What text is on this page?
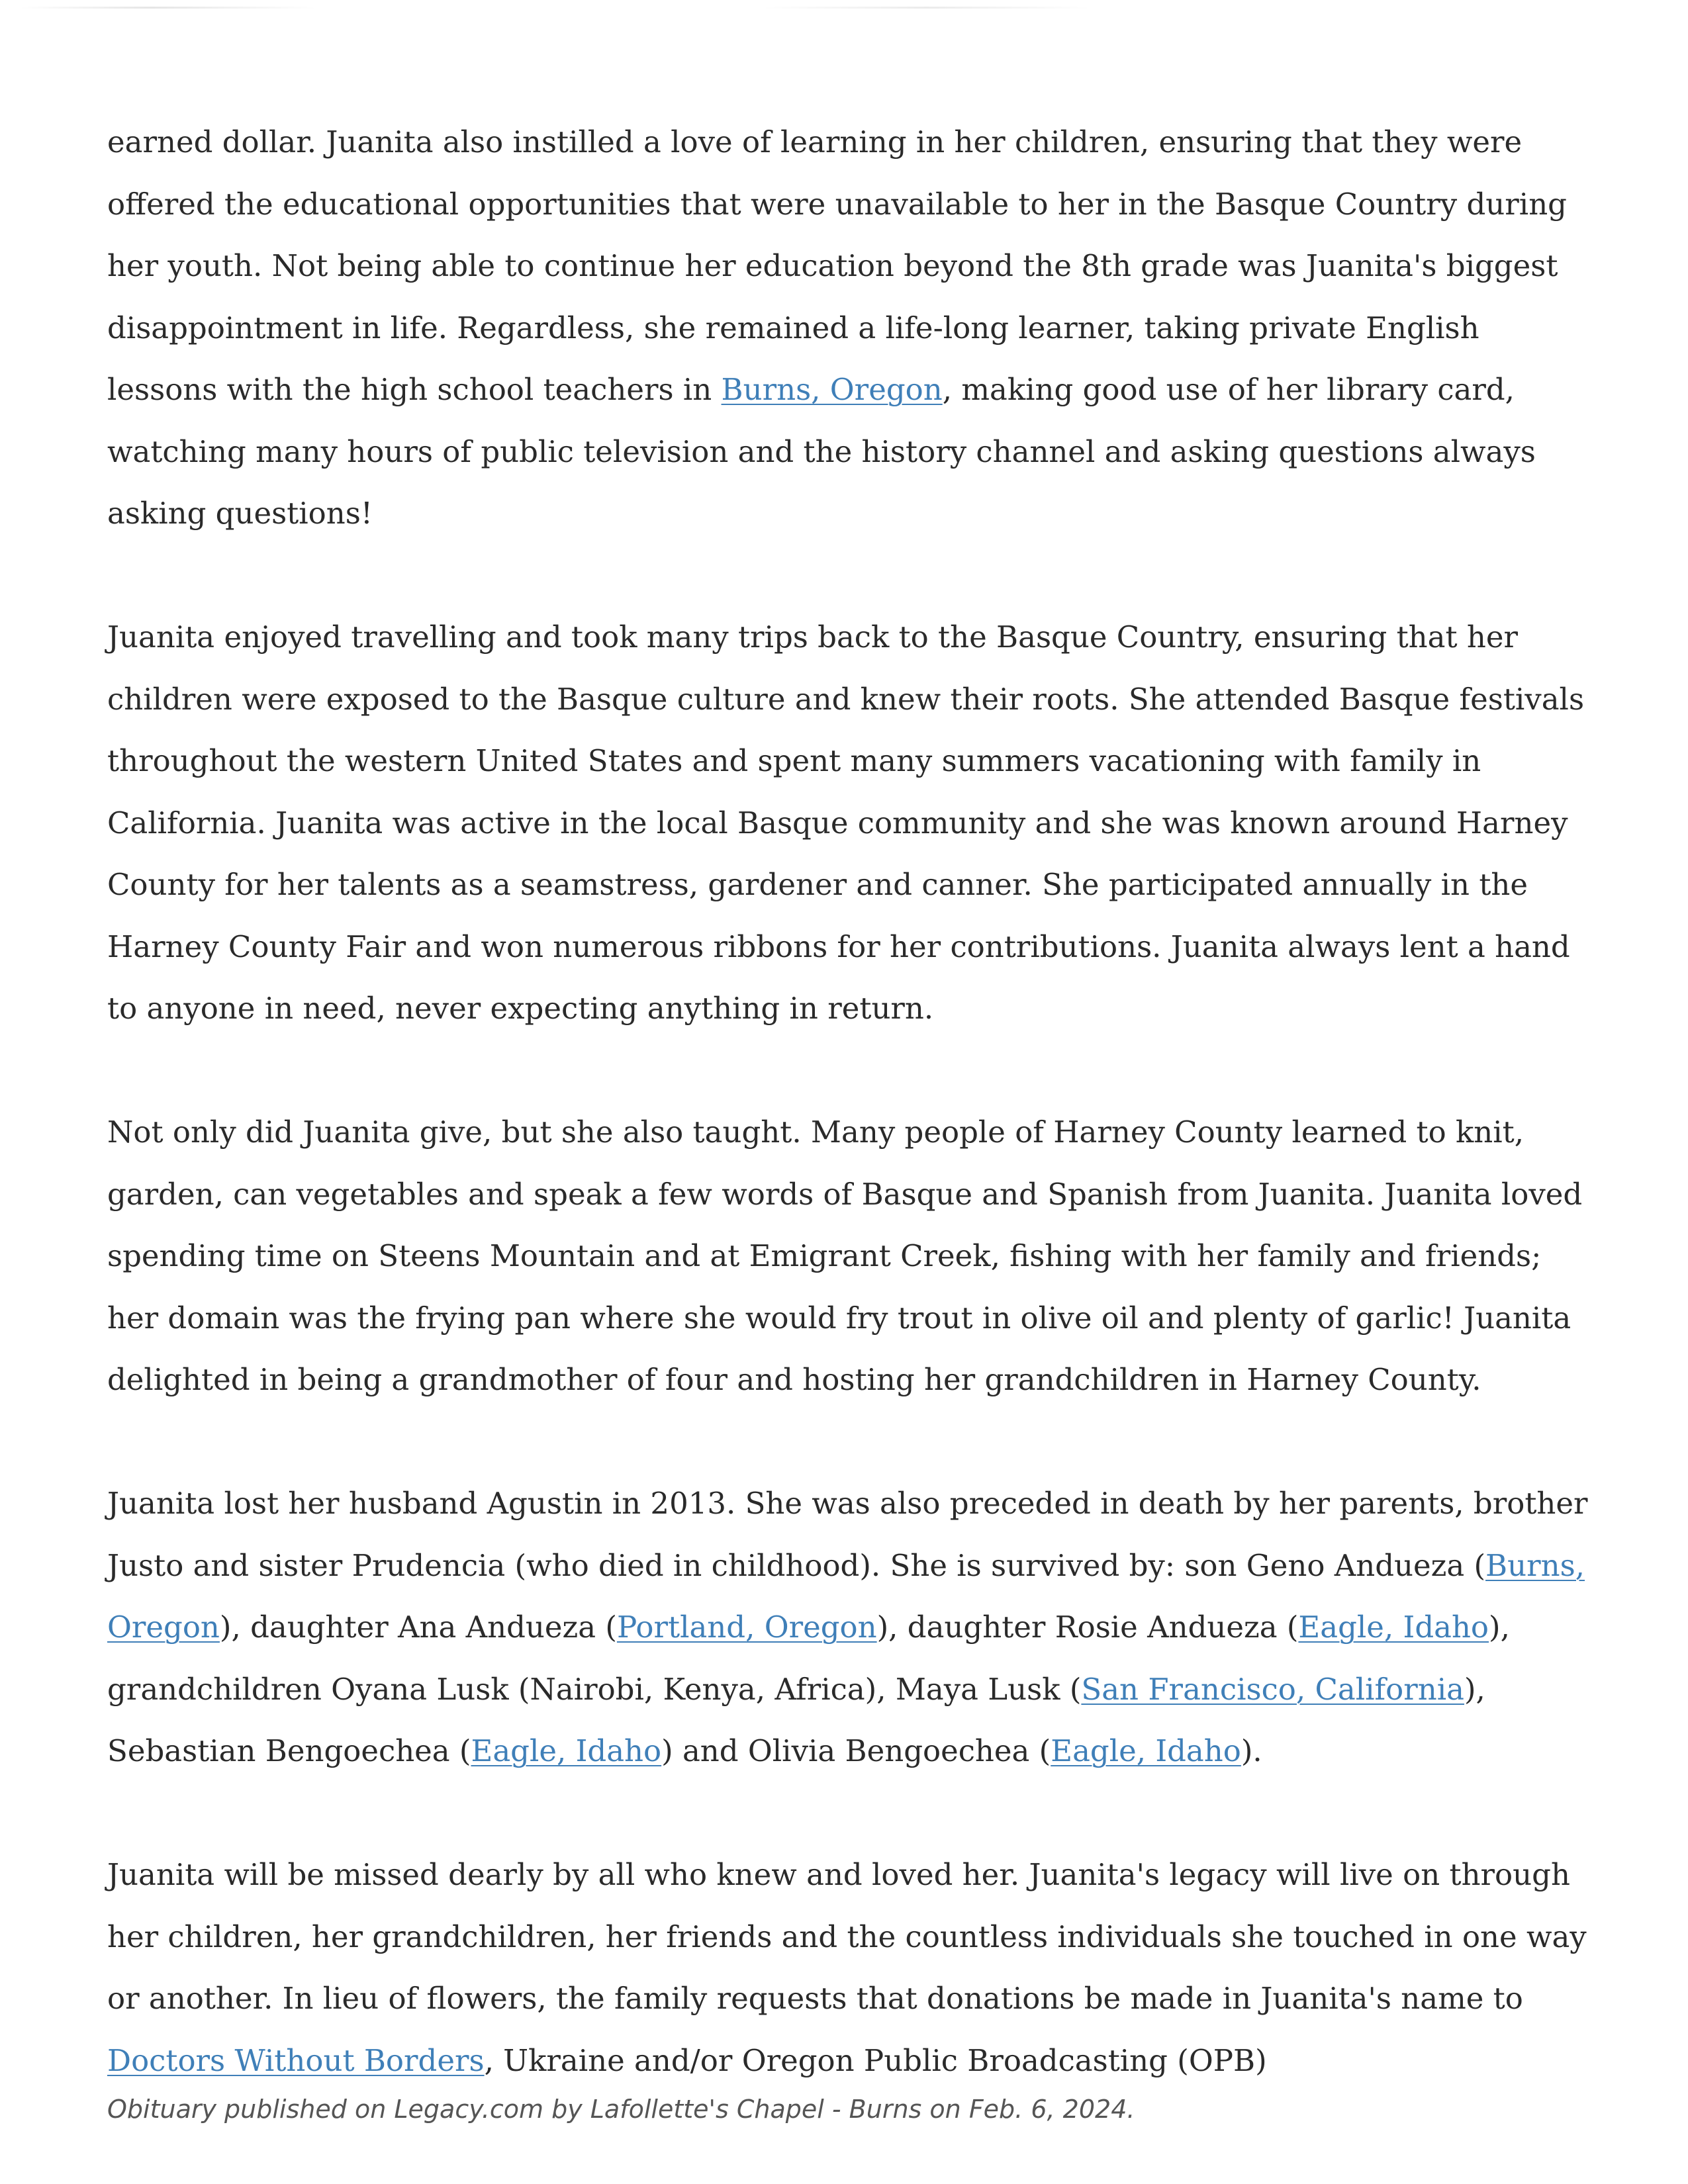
earned dollar. Juanita also instilled a love of learning in her children, ensuring that they were offered the educational opportunities that were unavailable to her in the Basque Country during her youth. Not being able to continue her education beyond the 8th grade was Juanita's biggest disappointment in life. Regardless, she remained a life-long learner, taking private English lessons with the high school teachers in Burns, Oregon, making good use of her library card, watching many hours of public television and the history channel and asking questions always asking questions!

Juanita enjoyed travelling and took many trips back to the Basque Country, ensuring that her children were exposed to the Basque culture and knew their roots. She attended Basque festivals throughout the western United States and spent many summers vacationing with family in California. Juanita was active in the local Basque community and she was known around Harney County for her talents as a seamstress, gardener and canner. She participated annually in the Harney County Fair and won numerous ribbons for her contributions. Juanita always lent a hand to anyone in need, never expecting anything in return.

Not only did Juanita give, but she also taught. Many people of Harney County learned to knit, garden, can vegetables and speak a few words of Basque and Spanish from Juanita. Juanita loved spending time on Steens Mountain and at Emigrant Creek, fishing with her family and friends; her domain was the frying pan where she would fry trout in olive oil and plenty of garlic! Juanita delighted in being a grandmother of four and hosting her grandchildren in Harney County.

Juanita lost her husband Agustin in 2013. She was also preceded in death by her parents, brother Justo and sister Prudencia (who died in childhood). She is survived by: son Geno Andueza (Burns, Oregon), daughter Ana Andueza (Portland, Oregon), daughter Rosie Andueza (Eagle, Idaho), grandchildren Oyana Lusk (Nairobi, Kenya, Africa), Maya Lusk (San Francisco, California), Sebastian Bengoechea (Eagle, Idaho) and Olivia Bengoechea (Eagle, Idaho).

Juanita will be missed dearly by all who knew and loved her. Juanita's legacy will live on through her children, her grandchildren, her friends and the countless individuals she touched in one way or another. In lieu of flowers, the family requests that donations be made in Juanita's name to Doctors Without Borders, Ukraine and/or Oregon Public Broadcasting (OPB)

Obituary published on Legacy.com by Lafollette's Chapel - Burns on Feb. 6, 2024.
